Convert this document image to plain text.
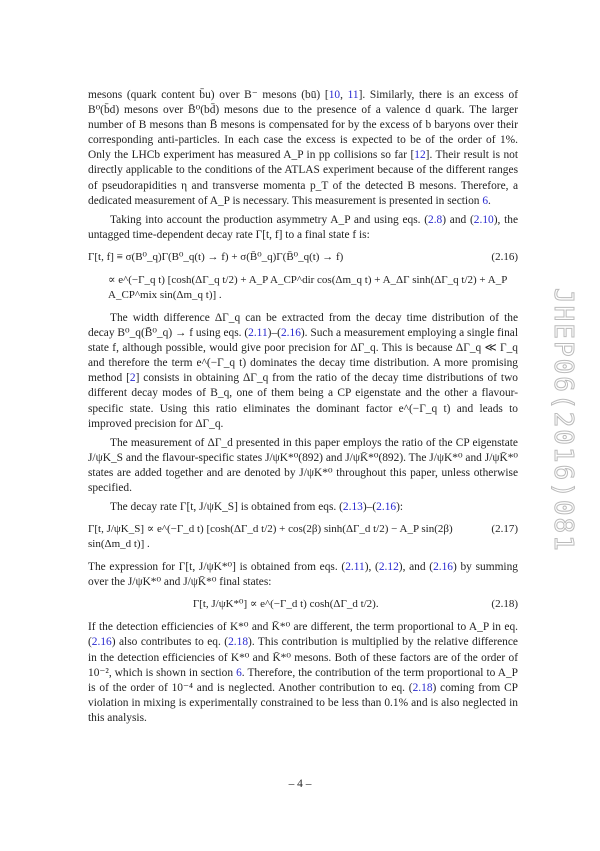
JHEP06(2016)081
mesons (quark content b̄u) over B⁻ mesons (bū) [10, 11]. Similarly, there is an excess of B⁰(b̄d) mesons over B̄⁰(bd̄) mesons due to the presence of a valence d quark. The larger number of B mesons than B̄ mesons is compensated for by the excess of b baryons over their corresponding anti-particles. In each case the excess is expected to be of the order of 1%. Only the LHCb experiment has measured A_P in pp collisions so far [12]. Their result is not directly applicable to the conditions of the ATLAS experiment because of the different ranges of pseudorapidities η and transverse momenta p_T of the detected B mesons. Therefore, a dedicated measurement of A_P is necessary. This measurement is presented in section 6.
Taking into account the production asymmetry A_P and using eqs. (2.8) and (2.10), the untagged time-dependent decay rate Γ[t, f] to a final state f is:
Γ[t, f] ≡ σ(B⁰_q)Γ(B⁰_q(t) → f) + σ(B̄⁰_q)Γ(B̄⁰_q(t) → f)	(2.16)
∝ e^(−Γ_q t) [cosh(ΔΓ_q t/2) + A_P A_CP^dir cos(Δm_q t) + A_ΔΓ sinh(ΔΓ_q t/2) + A_P A_CP^mix sin(Δm_q t)] .
The width difference ΔΓ_q can be extracted from the decay time distribution of the decay B⁰_q(B̄⁰_q) → f using eqs. (2.11)–(2.16). Such a measurement employing a single final state f, although possible, would give poor precision for ΔΓ_q. This is because ΔΓ_q ≪ Γ_q and therefore the term e^(−Γ_q t) dominates the decay time distribution. A more promising method [2] consists in obtaining ΔΓ_q from the ratio of the decay time distributions of two different decay modes of B_q, one of them being a CP eigenstate and the other a flavour-specific state. Using this ratio eliminates the dominant factor e^(−Γ_q t) and leads to improved precision for ΔΓ_q.
The measurement of ΔΓ_d presented in this paper employs the ratio of the CP eigenstate J/ψK_S and the flavour-specific states J/ψK*⁰(892) and J/ψK̄*⁰(892). The J/ψK*⁰ and J/ψK̄*⁰ states are added together and are denoted by J/ψK*⁰ throughout this paper, unless otherwise specified.
The decay rate Γ[t, J/ψK_S] is obtained from eqs. (2.13)–(2.16):
Γ[t, J/ψK_S] ∝ e^(−Γ_d t) [cosh(ΔΓ_d t/2) + cos(2β) sinh(ΔΓ_d t/2) − A_P sin(2β) sin(Δm_d t)] .
(2.17)
The expression for Γ[t, J/ψK*⁰] is obtained from eqs. (2.11), (2.12), and (2.16) by summing over the J/ψK*⁰ and J/ψK̄*⁰ final states:
Γ[t, J/ψK*⁰] ∝ e^(−Γ_d t) cosh(ΔΓ_d t/2).	(2.18)
If the detection efficiencies of K*⁰ and K̄*⁰ are different, the term proportional to A_P in eq. (2.16) also contributes to eq. (2.18). This contribution is multiplied by the relative difference in the detection efficiencies of K*⁰ and K̄*⁰ mesons. Both of these factors are of the order of 10⁻², which is shown in section 6. Therefore, the contribution of the term proportional to A_P is of the order of 10⁻⁴ and is neglected. Another contribution to eq. (2.18) coming from CP violation in mixing is experimentally constrained to be less than 0.1% and is also neglected in this analysis.
– 4 –
